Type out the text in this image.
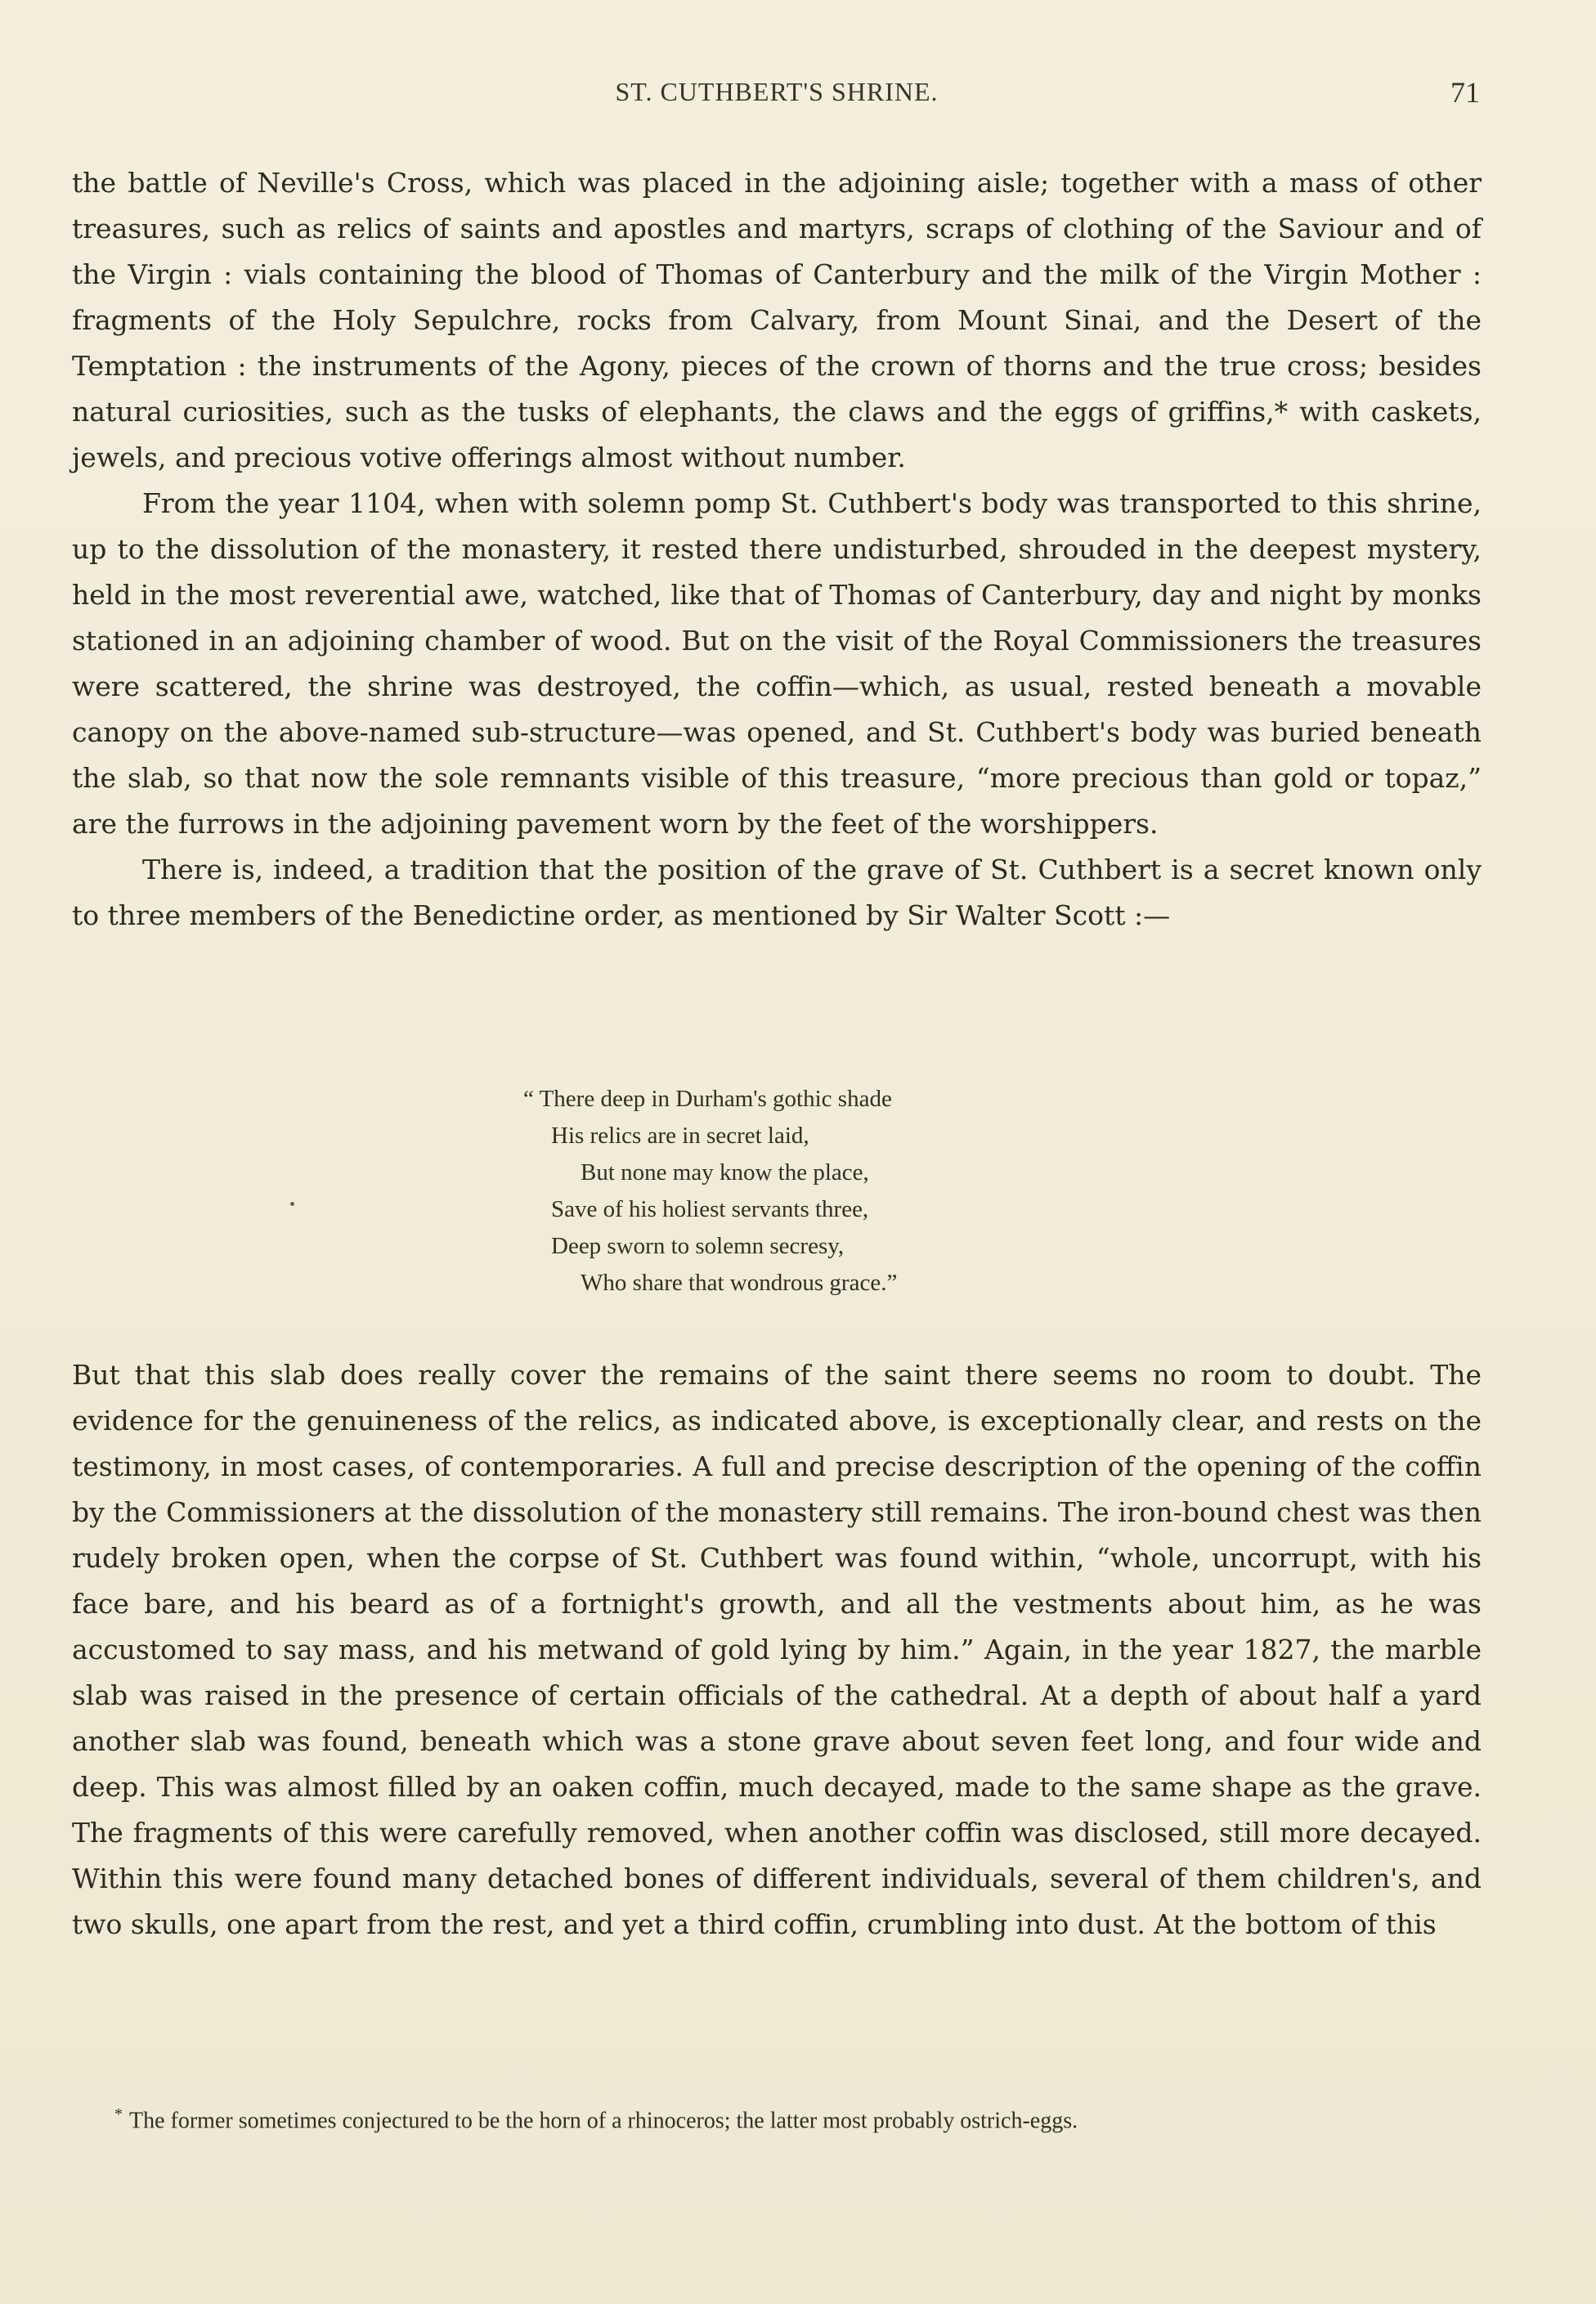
ST. CUTHBERT'S SHRINE.	71

the battle of Neville's Cross, which was placed in the adjoining aisle; together with a mass of other treasures, such as relics of saints and apostles and martyrs, scraps of clothing of the Saviour and of the Virgin : vials containing the blood of Thomas of Canterbury and the milk of the Virgin Mother : fragments of the Holy Sepulchre, rocks from Calvary, from Mount Sinai, and the Desert of the Temptation : the instruments of the Agony, pieces of the crown of thorns and the true cross; besides natural curiosities, such as the tusks of elephants, the claws and the eggs of griffins,* with caskets, jewels, and precious votive offerings almost without number.

From the year 1104, when with solemn pomp St. Cuthbert's body was transported to this shrine, up to the dissolution of the monastery, it rested there undisturbed, shrouded in the deepest mystery, held in the most reverential awe, watched, like that of Thomas of Canterbury, day and night by monks stationed in an adjoining chamber of wood. But on the visit of the Royal Commissioners the treasures were scattered, the shrine was destroyed, the coffin—which, as usual, rested beneath a movable canopy on the above-named sub-structure—was opened, and St. Cuthbert's body was buried beneath the slab, so that now the sole remnants visible of this treasure, “more precious than gold or topaz,” are the furrows in the adjoining pavement worn by the feet of the worshippers.

There is, indeed, a tradition that the position of the grave of St. Cuthbert is a secret known only to three members of the Benedictine order, as mentioned by Sir Walter Scott :—

“ There deep in Durham's gothic shade
His relics are in secret laid,
But none may know the place,
Save of his holiest servants three,
Deep sworn to solemn secresy,
Who share that wondrous grace.”

But that this slab does really cover the remains of the saint there seems no room to doubt. The evidence for the genuineness of the relics, as indicated above, is exceptionally clear, and rests on the testimony, in most cases, of contemporaries. A full and precise description of the opening of the coffin by the Commissioners at the dissolution of the monastery still remains. The iron-bound chest was then rudely broken open, when the corpse of St. Cuthbert was found within, “whole, uncorrupt, with his face bare, and his beard as of a fortnight's growth, and all the vestments about him, as he was accustomed to say mass, and his metwand of gold lying by him.” Again, in the year 1827, the marble slab was raised in the presence of certain officials of the cathedral. At a depth of about half a yard another slab was found, beneath which was a stone grave about seven feet long, and four wide and deep. This was almost filled by an oaken coffin, much decayed, made to the same shape as the grave. The fragments of this were carefully removed, when another coffin was disclosed, still more decayed. Within this were found many detached bones of different individuals, several of them children's, and two skulls, one apart from the rest, and yet a third coffin, crumbling into dust. At the bottom of this

* The former sometimes conjectured to be the horn of a rhinoceros; the latter most probably ostrich-eggs.
